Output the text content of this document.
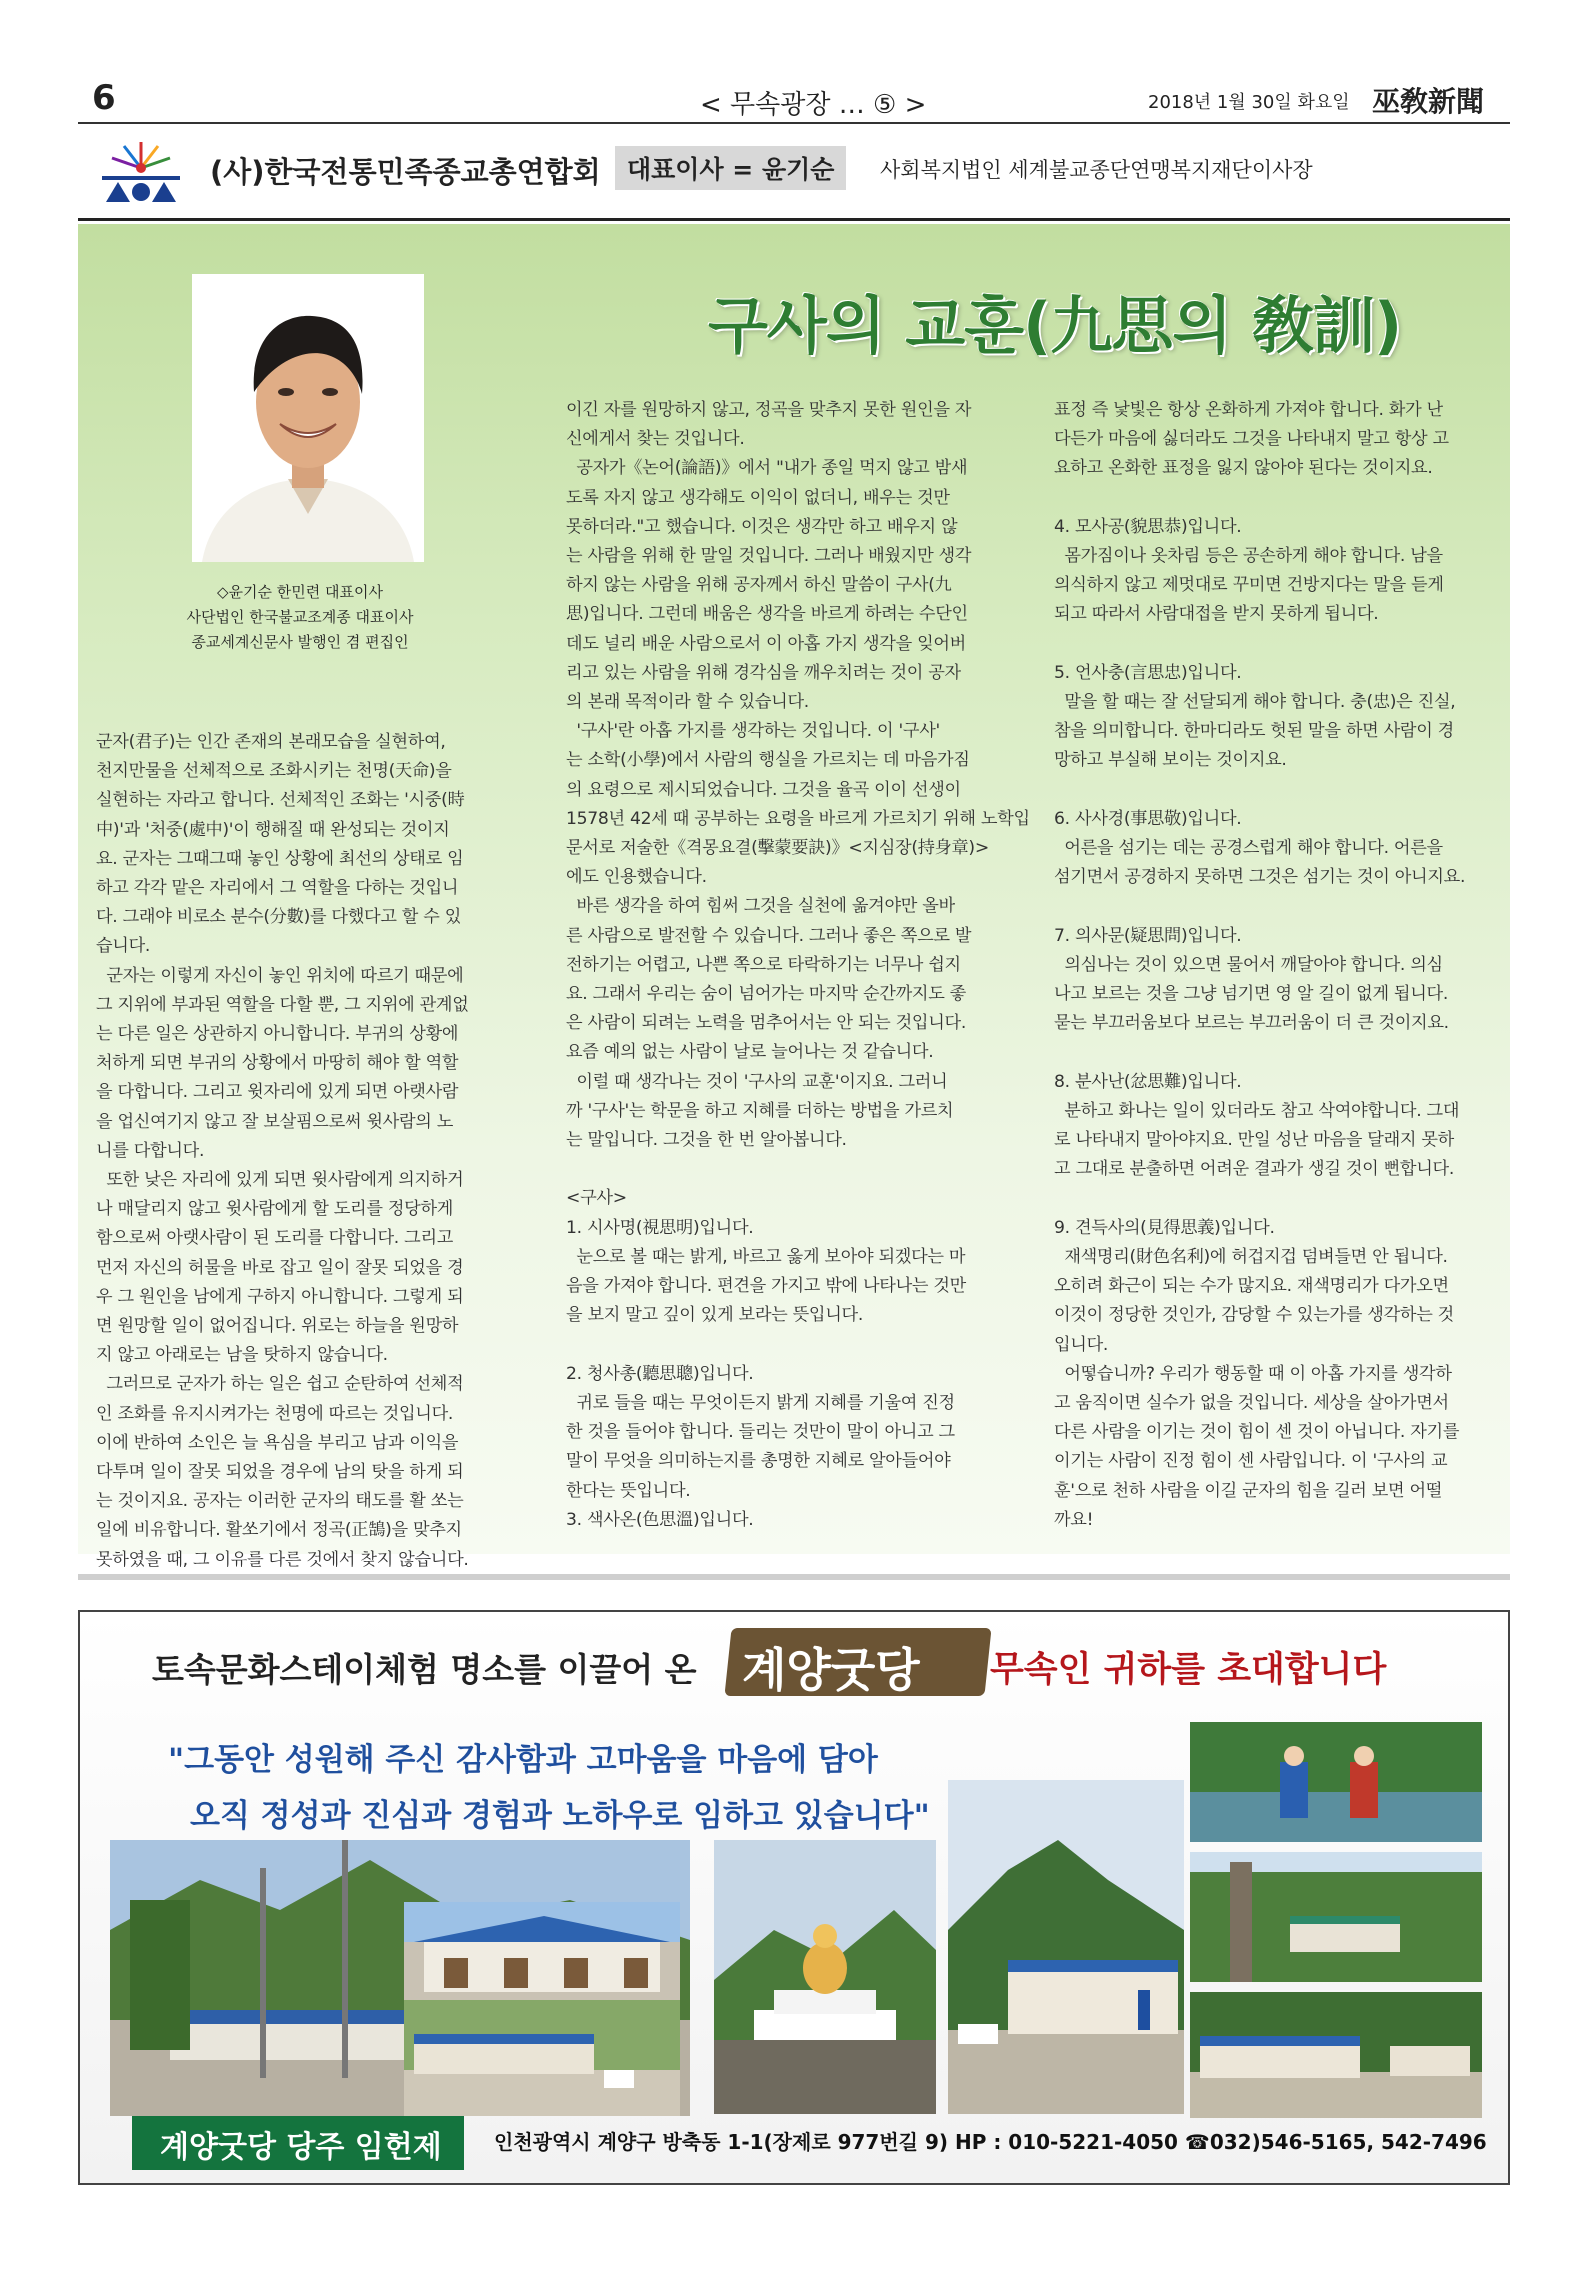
6	< 무속광장 … ⑤ >	2018년 1월 30일 화요일 巫敎新聞
(사)한국전통민족종교총연합회	대표이사 = 윤기순	사회복지법인 세계불교종단연맹복지재단이사장
구사의 교훈(九思의 敎訓)
◇윤기순 한민련 대표이사
사단법인 한국불교조계종 대표이사
종교세계신문사 발행인 겸 편집인
군자(君子)는 인간 존재의 본래모습을 실현하여,
천지만물을 선체적으로 조화시키는 천명(天命)을
실현하는 자라고 합니다. 선체적인 조화는 '시중(時
中)'과 '처중(處中)'이 행해질 때 완성되는 것이지
요. 군자는 그때그때 놓인 상황에 최선의 상태로 임
하고 각각 맡은 자리에서 그 역할을 다하는 것입니
다. 그래야 비로소 분수(分數)를 다했다고 할 수 있
습니다.
군자는 이렇게 자신이 놓인 위치에 따르기 때문에
그 지위에 부과된 역할을 다할 뿐, 그 지위에 관계없
는 다른 일은 상관하지 아니합니다. 부귀의 상황에
처하게 되면 부귀의 상황에서 마땅히 해야 할 역할
을 다합니다. 그리고 윗자리에 있게 되면 아랫사람
을 업신여기지 않고 잘 보살핌으로써 윗사람의 노
니를 다합니다.
또한 낮은 자리에 있게 되면 윗사람에게 의지하거
나 매달리지 않고 윗사람에게 할 도리를 정당하게
함으로써 아랫사람이 된 도리를 다합니다. 그리고
먼저 자신의 허물을 바로 잡고 일이 잘못 되었을 경
우 그 원인을 남에게 구하지 아니합니다. 그렇게 되
면 원망할 일이 없어집니다. 위로는 하늘을 원망하
지 않고 아래로는 남을 탓하지 않습니다.
그러므로 군자가 하는 일은 쉽고 순탄하여 선체적
인 조화를 유지시켜가는 천명에 따르는 것입니다.
이에 반하여 소인은 늘 욕심을 부리고 남과 이익을
다투며 일이 잘못 되었을 경우에 남의 탓을 하게 되
는 것이지요. 공자는 이러한 군자의 태도를 활 쏘는
일에 비유합니다. 활쏘기에서 정곡(正鵠)을 맞추지
못하였을 때, 그 이유를 다른 것에서 찾지 않습니다.
이긴 자를 원망하지 않고, 정곡을 맞추지 못한 원인을 자
신에게서 찾는 것입니다.
공자가《논어(論語)》에서 "내가 종일 먹지 않고 밤새
도록 자지 않고 생각해도 이익이 없더니, 배우는 것만
못하더라."고 했습니다. 이것은 생각만 하고 배우지 않
는 사람을 위해 한 말일 것입니다. 그러나 배웠지만 생각
하지 않는 사람을 위해 공자께서 하신 말씀이 구사(九
思)입니다. 그런데 배움은 생각을 바르게 하려는 수단인
데도 널리 배운 사람으로서 이 아홉 가지 생각을 잊어버
리고 있는 사람을 위해 경각심을 깨우치려는 것이 공자
의 본래 목적이라 할 수 있습니다.
'구사'란 아홉 가지를 생각하는 것입니다. 이 '구사'
는 소학(小學)에서 사람의 행실을 가르치는 데 마음가짐
의 요령으로 제시되었습니다. 그것을 율곡 이이 선생이
1578년 42세 때 공부하는 요령을 바르게 가르치기 위해 노학입
문서로 저술한《격몽요결(擊蒙要訣)》<지심장(持身章)>
에도 인용했습니다.
바른 생각을 하여 힘써 그것을 실천에 옮겨야만 올바
른 사람으로 발전할 수 있습니다. 그러나 좋은 쪽으로 발
전하기는 어렵고, 나쁜 쪽으로 타락하기는 너무나 쉽지
요. 그래서 우리는 숨이 넘어가는 마지막 순간까지도 좋
은 사람이 되려는 노력을 멈추어서는 안 되는 것입니다.
요즘 예의 없는 사람이 날로 늘어나는 것 같습니다.
이럴 때 생각나는 것이 '구사의 교훈'이지요. 그러니
까 '구사'는 학문을 하고 지혜를 더하는 방법을 가르치
는 말입니다. 그것을 한 번 알아봅니다.

<구사>
1. 시사명(視思明)입니다.
눈으로 볼 때는 밝게, 바르고 옳게 보아야 되겠다는 마
음을 가져야 합니다. 편견을 가지고 밖에 나타나는 것만
을 보지 말고 깊이 있게 보라는 뜻입니다.

2. 청사총(聽思聰)입니다.
귀로 들을 때는 무엇이든지 밝게 지혜를 기울여 진정
한 것을 들어야 합니다. 들리는 것만이 말이 아니고 그
말이 무엇을 의미하는지를 총명한 지혜로 알아들어야
한다는 뜻입니다.
3. 색사온(色思溫)입니다.
표정 즉 낯빛은 항상 온화하게 가져야 합니다. 화가 난
다든가 마음에 싫더라도 그것을 나타내지 말고 항상 고
요하고 온화한 표정을 잃지 않아야 된다는 것이지요.

4. 모사공(貌思恭)입니다.
몸가짐이나 옷차림 등은 공손하게 해야 합니다. 남을
의식하지 않고 제멋대로 꾸미면 건방지다는 말을 듣게
되고 따라서 사람대접을 받지 못하게 됩니다.

5. 언사충(言思忠)입니다.
말을 할 때는 잘 선달되게 해야 합니다. 충(忠)은 진실,
참을 의미합니다. 한마디라도 헛된 말을 하면 사람이 경
망하고 부실해 보이는 것이지요.

6. 사사경(事思敬)입니다.
어른을 섬기는 데는 공경스럽게 해야 합니다. 어른을
섬기면서 공경하지 못하면 그것은 섬기는 것이 아니지요.

7. 의사문(疑思問)입니다.
의심나는 것이 있으면 물어서 깨달아야 합니다. 의심
나고 보르는 것을 그냥 넘기면 영 알 길이 없게 됩니다.
묻는 부끄러움보다 보르는 부끄러움이 더 큰 것이지요.

8. 분사난(忿思難)입니다.
분하고 화나는 일이 있더라도 참고 삭여야합니다. 그대
로 나타내지 말아야지요. 만일 성난 마음을 달래지 못하
고 그대로 분출하면 어려운 결과가 생길 것이 뻔합니다.

9. 견득사의(見得思義)입니다.
재색명리(財色名利)에 허겁지겁 덤벼들면 안 됩니다.
오히려 화근이 되는 수가 많지요. 재색명리가 다가오면
이것이 정당한 것인가, 감당할 수 있는가를 생각하는 것
입니다.
어떻습니까? 우리가 행동할 때 이 아홉 가지를 생각하
고 움직이면 실수가 없을 것입니다. 세상을 살아가면서
다른 사람을 이기는 것이 힘이 센 것이 아닙니다. 자기를
이기는 사람이 진정 힘이 센 사람입니다. 이 '구사의 교
훈'으로 천하 사람을 이길 군자의 힘을 길러 보면 어떨
까요!
토속문화스테이체험 명소를 이끌어 온 계양굿당 무속인 귀하를 초대합니다
"그동안 성원해 주신 감사함과 고마움을 마음에 담아
오직 정성과 진심과 경험과 노하우로 임하고 있습니다"
계양굿당 당주 임헌제	인천광역시 계양구 방축동 1-1(장제로 977번길 9) HP : 010-5221-4050 ☎032)546-5165, 542-7496
